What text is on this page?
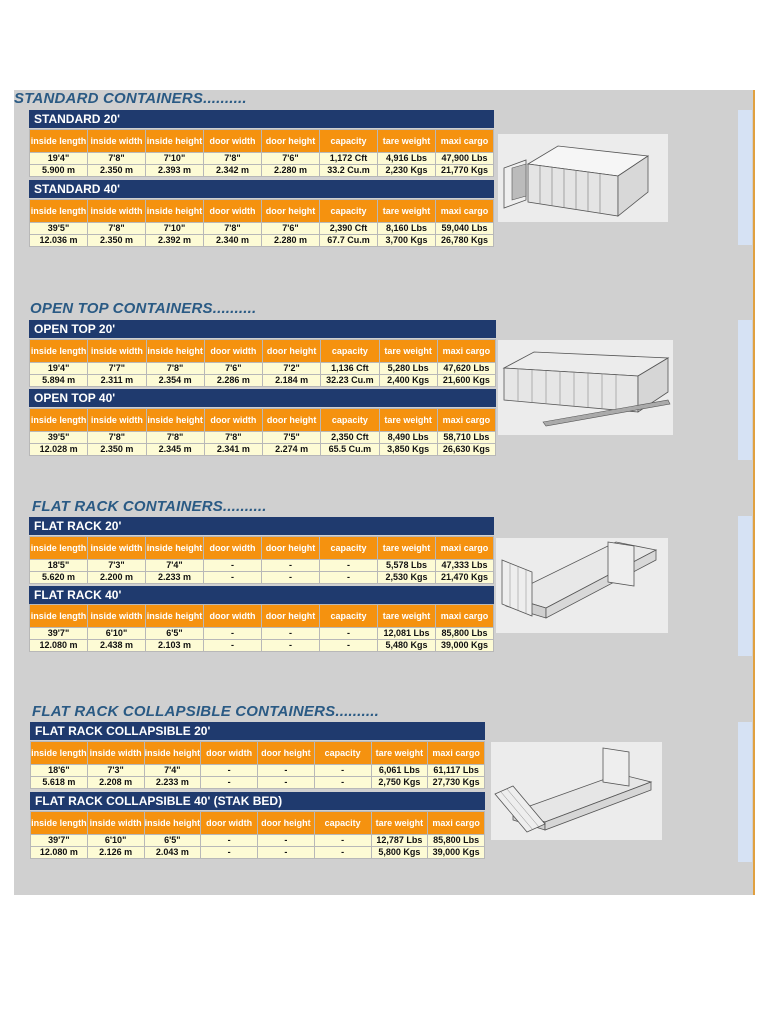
STANDARD CONTAINERS..........
STANDARD 20'
inside length	inside width	inside height	door width	door height	capacity	tare weight	maxi cargo
19'4"	7'8"	7'10"	7'8"	7'6"	1,172 Cft	4,916 Lbs	47,900 Lbs
5.900 m	2.350 m	2.393 m	2.342 m	2.280 m	33.2 Cu.m	2,230 Kgs	21,770 Kgs
STANDARD 40'
inside length	inside width	inside height	door width	door height	capacity	tare weight	maxi cargo
39'5"	7'8"	7'10"	7'8"	7'6"	2,390 Cft	8,160 Lbs	59,040 Lbs
12.036 m	2.350 m	2.392 m	2.340 m	2.280 m	67.7 Cu.m	3,700 Kgs	26,780 Kgs
OPEN TOP CONTAINERS..........
OPEN TOP 20'
inside length	inside width	inside height	door width	door height	capacity	tare weight	maxi cargo
19'4"	7'7"	7'8"	7'6"	7'2"	1,136 Cft	5,280 Lbs	47,620 Lbs
5.894 m	2.311 m	2.354 m	2.286 m	2.184 m	32.23 Cu.m	2,400 Kgs	21,600 Kgs
OPEN TOP 40'
inside length	inside width	inside height	door width	door height	capacity	tare weight	maxi cargo
39'5"	7'8"	7'8"	7'8"	7'5"	2,350 Cft	8,490 Lbs	58,710 Lbs
12.028 m	2.350 m	2.345 m	2.341 m	2.274 m	65.5 Cu.m	3,850 Kgs	26,630 Kgs
FLAT RACK CONTAINERS..........
FLAT RACK 20'
inside length	inside width	inside height	door width	door height	capacity	tare weight	maxi cargo
18'5"	7'3"	7'4"	-	-	-	5,578 Lbs	47,333 Lbs
5.620 m	2.200 m	2.233 m	-	-	-	2,530 Kgs	21,470 Kgs
FLAT RACK 40'
inside length	inside width	inside height	door width	door height	capacity	tare weight	maxi cargo
39'7"	6'10"	6'5"	-	-	-	12,081 Lbs	85,800 Lbs
12.080 m	2.438 m	2.103 m	-	-	-	5,480 Kgs	39,000 Kgs
FLAT RACK COLLAPSIBLE CONTAINERS..........
FLAT RACK COLLAPSIBLE 20'
inside length	inside width	inside height	door width	door height	capacity	tare weight	maxi cargo
18'6"	7'3"	7'4"	-	-	-	6,061 Lbs	61,117 Lbs
5.618 m	2.208 m	2.233 m	-	-	-	2,750 Kgs	27,730 Kgs
FLAT RACK COLLAPSIBLE 40' (STAK BED)
inside length	inside width	inside height	door width	door height	capacity	tare weight	maxi cargo
39'7"	6'10"	6'5"	-	-	-	12,787 Lbs	85,800 Lbs
12.080 m	2.126 m	2.043 m	-	-	-	5,800 Kgs	39,000 Kgs
